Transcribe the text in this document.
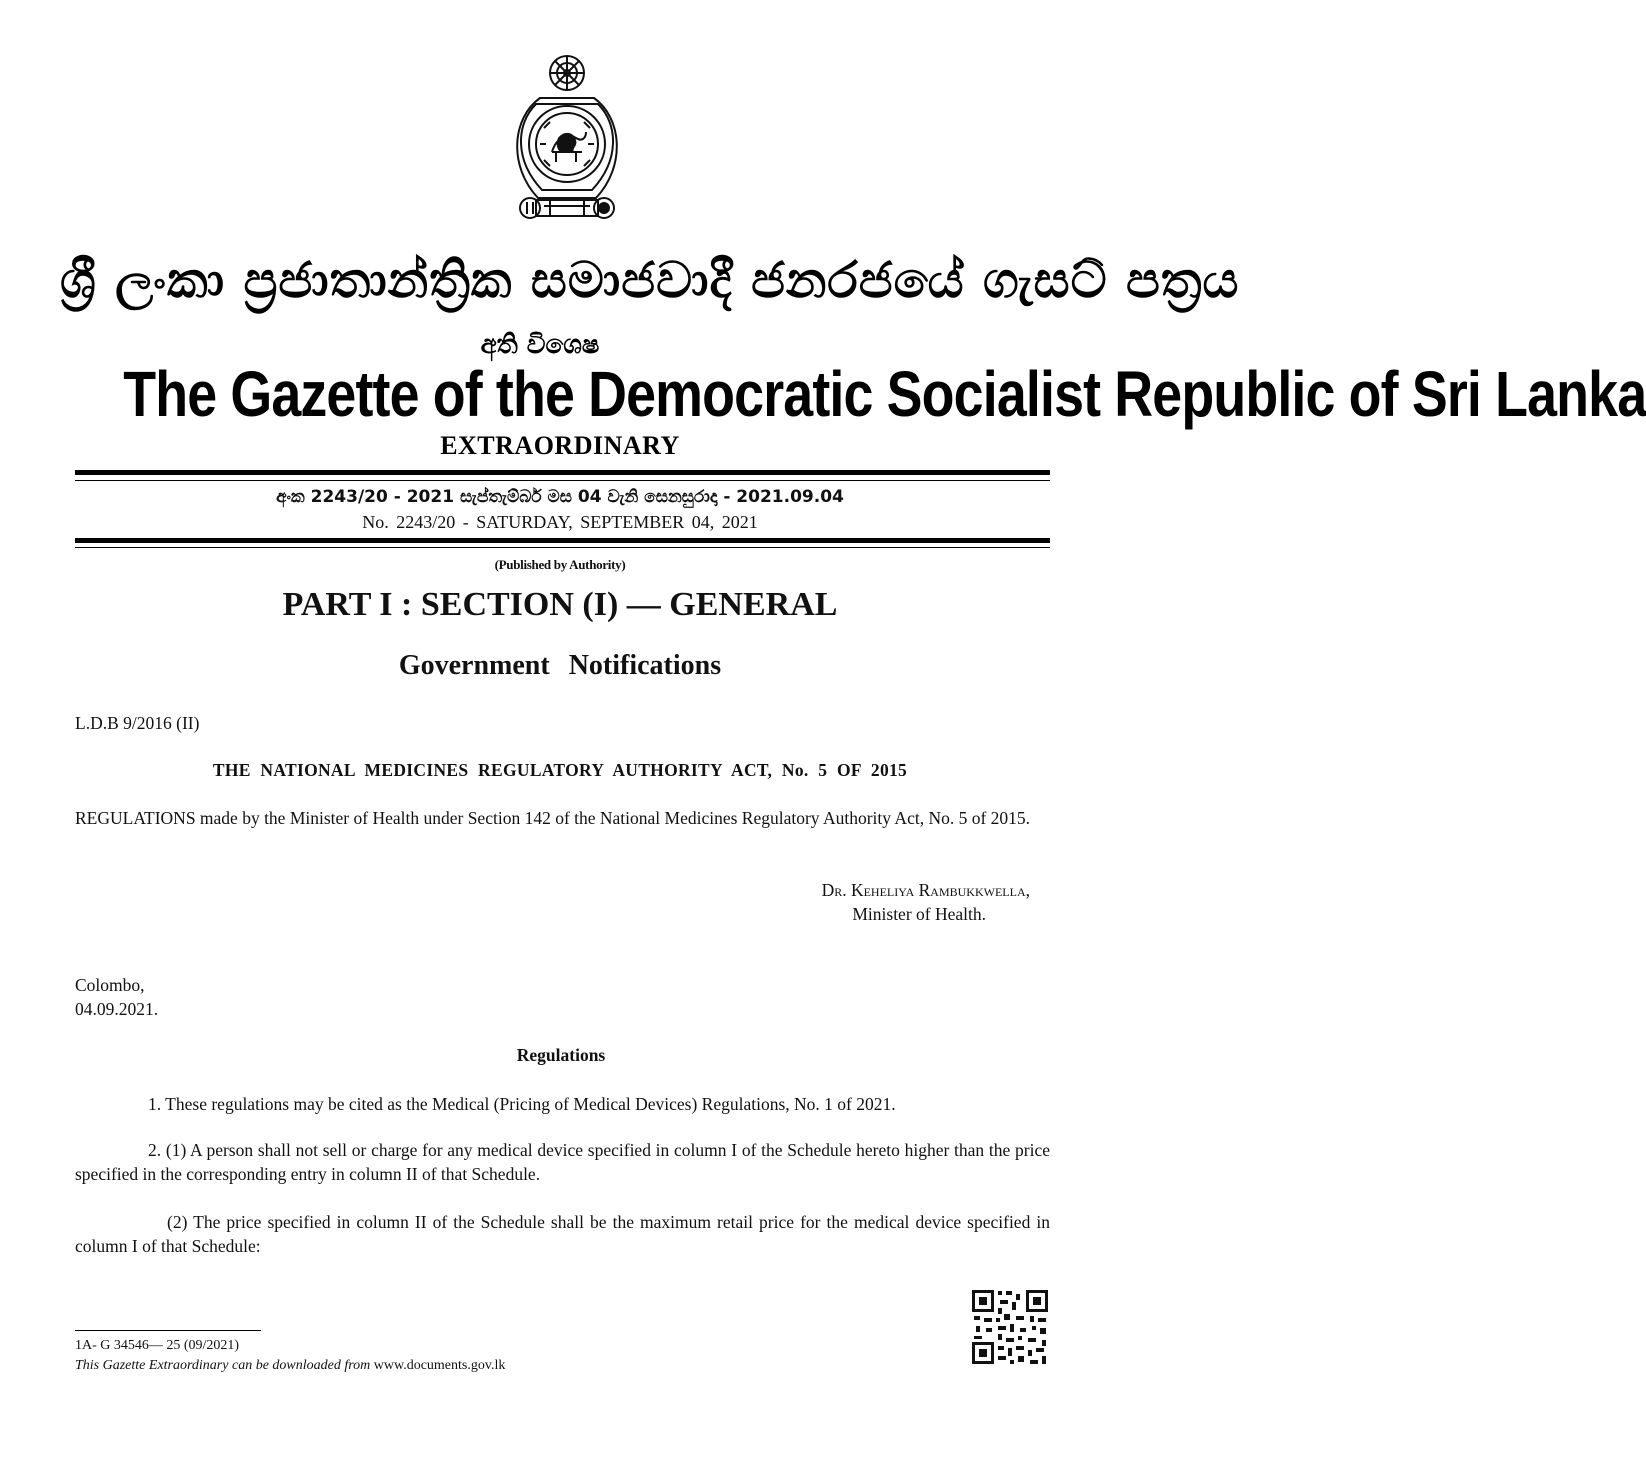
ශ්‍රී ලංකා ප්‍රජාතාන්ත්‍රික සමාජවාදී ජනරජයේ ගැසට් පත්‍රය
අති විශෙෂ
The Gazette of the Democratic Socialist Republic of Sri Lanka
EXTRAORDINARY
අංක 2243/20 - 2021 සැප්තැම්බර් මස 04 වැනි සෙනසුරාදා - 2021.09.04
No. 2243/20 - SATURDAY, SEPTEMBER 04, 2021
(Published by Authority)
PART I : SECTION (I) — GENERAL
Government Notifications
L.D.B 9/2016 (II)
THE NATIONAL MEDICINES REGULATORY AUTHORITY ACT, No. 5 OF 2015
REGULATIONS made by the Minister of Health under Section 142 of the National Medicines Regulatory Authority Act, No. 5 of 2015.
Dr. Keheliya Rambukkwella,
Minister of Health.
Colombo,
04.09.2021.
Regulations
1. These regulations may be cited as the Medical (Pricing of Medical Devices) Regulations, No. 1 of 2021.
2. (1) A person shall not sell or charge for any medical device specified in column I of the Schedule hereto higher than the price specified in the corresponding entry in column II of that Schedule.
(2) The price specified in column II of the Schedule shall be the maximum retail price for the medical device specified in column I of that Schedule:
1A- G 34546— 25 (09/2021)
This Gazette Extraordinary can be downloaded from www.documents.gov.lk
